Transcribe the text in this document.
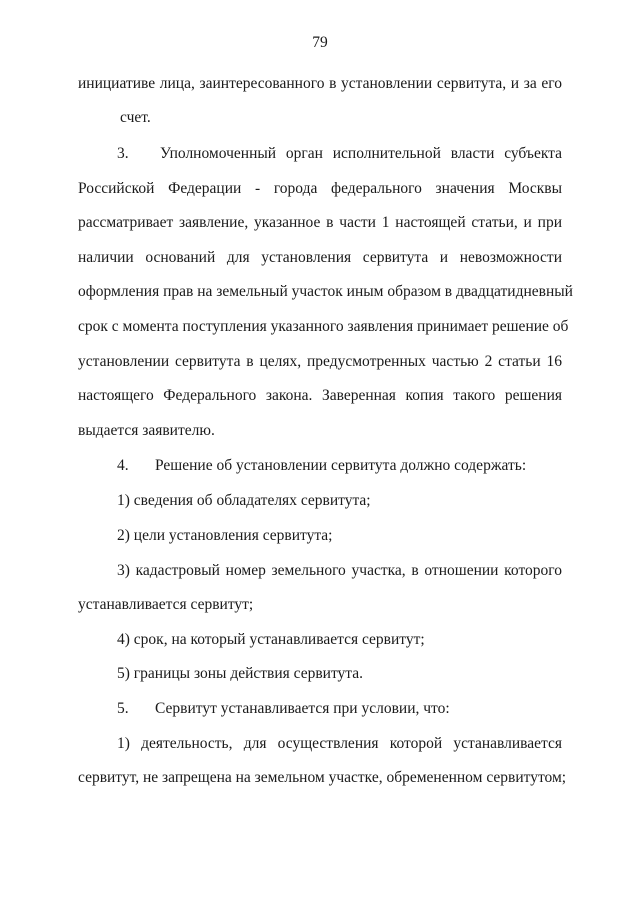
79
инициативе лица, заинтересованного в установлении сервитута, и за его
счет.
3. Уполномоченный орган исполнительной власти субъекта
Российской Федерации - города федерального значения Москвы
рассматривает заявление, указанное в части 1 настоящей статьи, и при
наличии оснований для установления сервитута и невозможности
оформления прав на земельный участок иным образом в двадцатидневный
срок с момента поступления указанного заявления принимает решение об
установлении сервитута в целях, предусмотренных частью 2 статьи 16
настоящего Федерального закона. Заверенная копия такого решения
выдается заявителю.
4. Решение об установлении сервитута должно содержать:
1) сведения об обладателях сервитута;
2) цели установления сервитута;
3) кадастровый номер земельного участка, в отношении которого
устанавливается сервитут;
4) срок, на который устанавливается сервитут;
5) границы зоны действия сервитута.
5. Сервитут устанавливается при условии, что:
1) деятельность, для осуществления которой устанавливается
сервитут, не запрещена на земельном участке, обремененном сервитутом;
